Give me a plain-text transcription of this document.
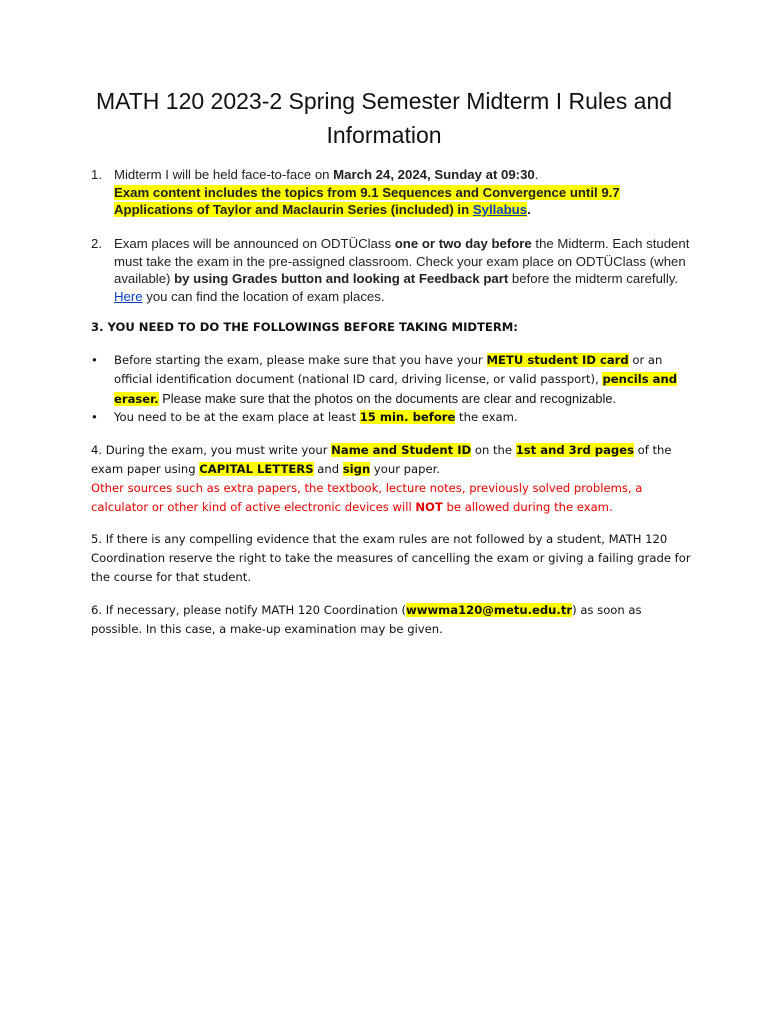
MATH 120 2023-2 Spring Semester Midterm I Rules and
Information
1. Midterm I will be held face-to-face on March 24, 2024, Sunday at 09:30.
Exam content includes the topics from 9.1 Sequences and Convergence until 9.7 Applications of Taylor and Maclaurin Series (included) in Syllabus.
2. Exam places will be announced on ODTÜClass one or two day before the Midterm. Each student must take the exam in the pre-assigned classroom. Check your exam place on ODTÜClass (when available) by using Grades button and looking at Feedback part before the midterm carefully. Here you can find the location of exam places.
3. YOU NEED TO DO THE FOLLOWINGS BEFORE TAKING MIDTERM:
• Before starting the exam, please make sure that you have your METU student ID card or an official identification document (national ID card, driving license, or valid passport), pencils and eraser. Please make sure that the photos on the documents are clear and recognizable.
• You need to be at the exam place at least 15 min. before the exam.
4. During the exam, you must write your Name and Student ID on the 1st and 3rd pages of the exam paper using CAPITAL LETTERS and sign your paper.
Other sources such as extra papers, the textbook, lecture notes, previously solved problems, a calculator or other kind of active electronic devices will NOT be allowed during the exam.
5. If there is any compelling evidence that the exam rules are not followed by a student, MATH 120 Coordination reserve the right to take the measures of cancelling the exam or giving a failing grade for the course for that student.
6. If necessary, please notify MATH 120 Coordination (wwwma120@metu.edu.tr) as soon as possible. In this case, a make-up examination may be given.
